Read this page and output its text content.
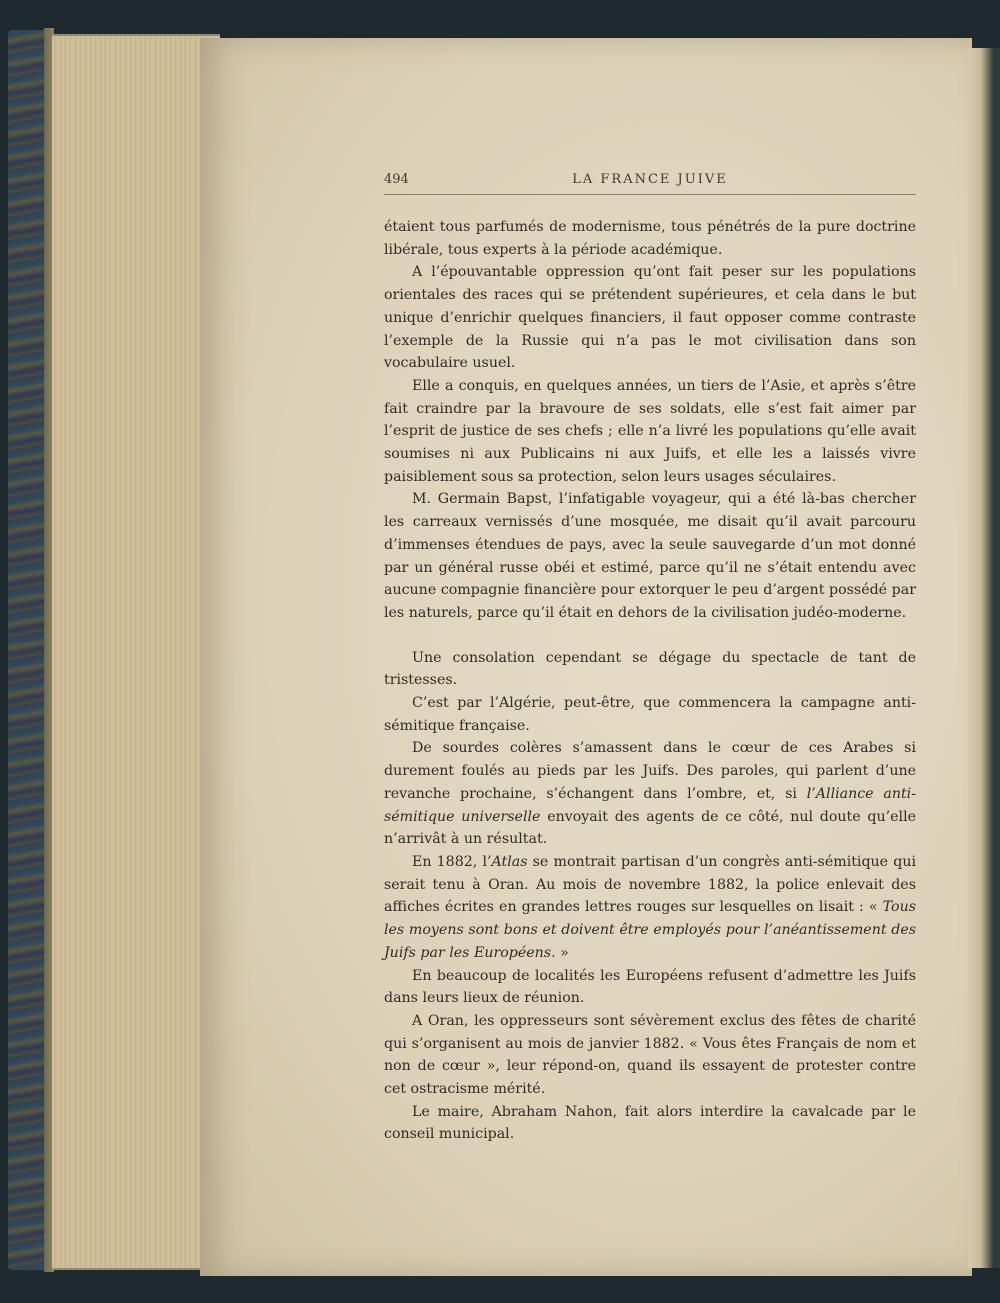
494	LA FRANCE JUIVE

étaient tous parfumés de modernisme, tous pénétrés de la pure doctrine libérale, tous experts à la période académique.

A l’épouvantable oppression qu’ont fait peser sur les populations orientales des races qui se prétendent supérieures, et cela dans le but unique d’enrichir quelques financiers, il faut opposer comme contraste l’exemple de la Russie qui n’a pas le mot civilisation dans son vocabulaire usuel.

Elle a conquis, en quelques années, un tiers de l’Asie, et après s’être fait craindre par la bravoure de ses soldats, elle s’est fait aimer par l’esprit de justice de ses chefs ; elle n’a livré les populations qu’elle avait soumises ni aux Publicains ni aux Juifs, et elle les a laissés vivre paisiblement sous sa protection, selon leurs usages séculaires.

M. Germain Bapst, l’infatigable voyageur, qui a été là-bas chercher les carreaux vernissés d’une mosquée, me disait qu’il avait parcouru d’immenses étendues de pays, avec la seule sauvegarde d’un mot donné par un général russe obéi et estimé, parce qu’il ne s’était entendu avec aucune compagnie financière pour extorquer le peu d’argent possédé par les naturels, parce qu’il était en dehors de la civilisation judéo-moderne.

Une consolation cependant se dégage du spectacle de tant de tristesses.

C’est par l’Algérie, peut-être, que commencera la campagne anti-sémitique française.

De sourdes colères s’amassent dans le cœur de ces Arabes si durement foulés au pieds par les Juifs. Des paroles, qui parlent d’une revanche prochaine, s’échangent dans l’ombre, et, si l’Alliance anti-sémitique universelle envoyait des agents de ce côté, nul doute qu’elle n’arrivât à un résultat.

En 1882, l’Atlas se montrait partisan d’un congrès anti-sémitique qui serait tenu à Oran. Au mois de novembre 1882, la police enlevait des affiches écrites en grandes lettres rouges sur lesquelles on lisait : « Tous les moyens sont bons et doivent être employés pour l’anéantissement des Juifs par les Européens. »

En beaucoup de localités les Européens refusent d’admettre les Juifs dans leurs lieux de réunion.

A Oran, les oppresseurs sont sévèrement exclus des fêtes de charité qui s’organisent au mois de janvier 1882. « Vous êtes Français de nom et non de cœur », leur répond-on, quand ils essayent de protester contre cet ostracisme mérité.

Le maire, Abraham Nahon, fait alors interdire la cavalcade par le conseil municipal.
